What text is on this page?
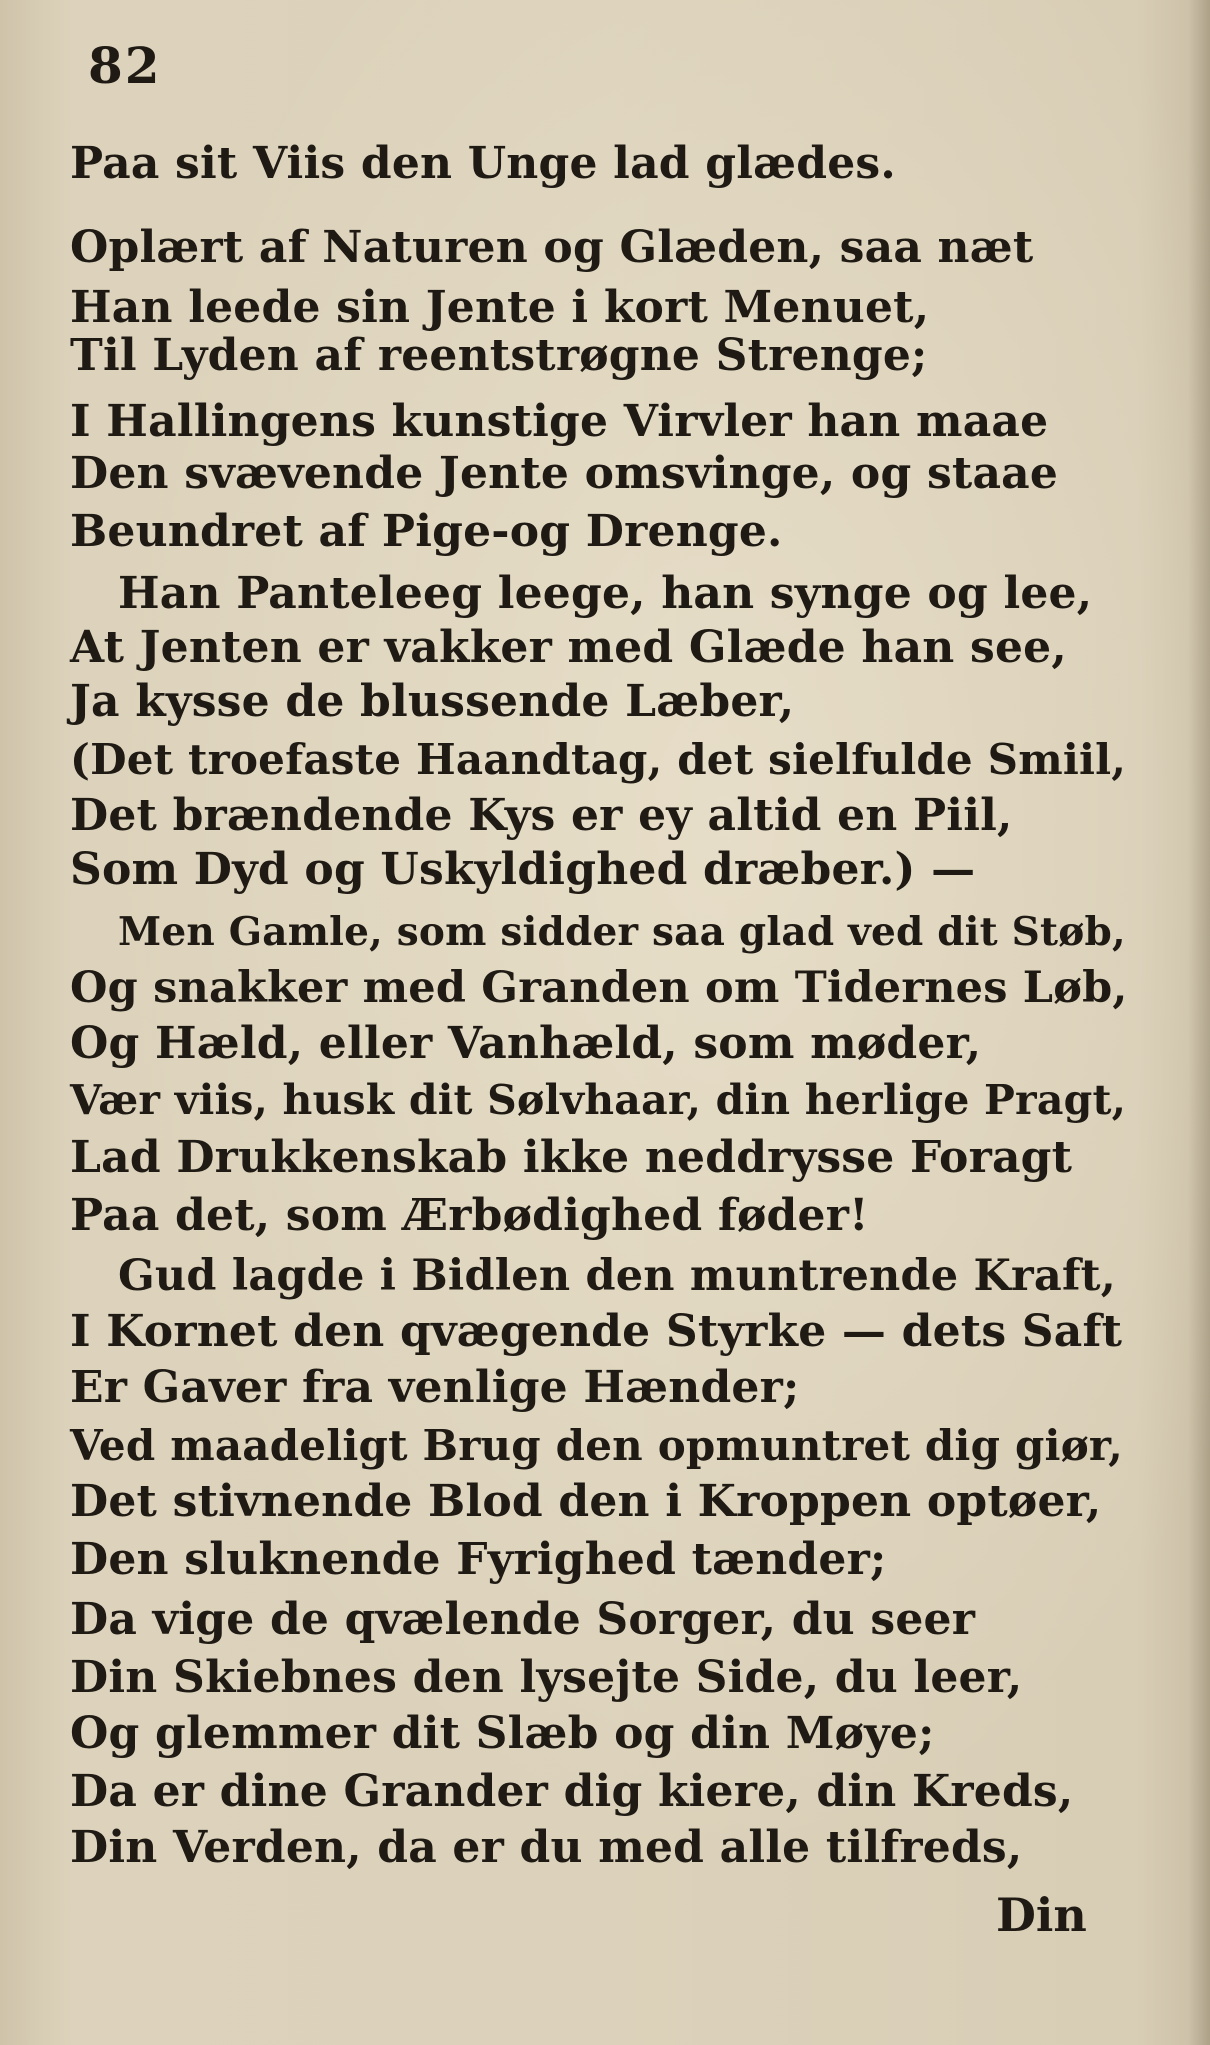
82
Paa sit Viis den Unge lad glædes.
Oplært af Naturen og Glæden, saa næt
Han leede sin Jente i kort Menuet,
Til Lyden af reentstrøgne Strenge;
I Hallingens kunstige Virvler han maae
Den svævende Jente omsvinge, og staae
Beundret af Pige-og Drenge.
Han Panteleeg leege, han synge og lee,
At Jenten er vakker med Glæde han see,
Ja kysse de blussende Læber,
(Det troefaste Haandtag, det sielfulde Smiil,
Det brændende Kys er ey altid en Piil,
Som Dyd og Uskyldighed dræber.) —
Men Gamle, som sidder saa glad ved dit Støb,
Og snakker med Granden om Tidernes Løb,
Og Hæld, eller Vanhæld, som møder,
Vær viis, husk dit Sølvhaar, din herlige Pragt,
Lad Drukkenskab ikke neddrysse Foragt
Paa det, som Ærbødighed føder!
Gud lagde i Bidlen den muntrende Kraft,
I Kornet den qvægende Styrke — dets Saft
Er Gaver fra venlige Hænder;
Ved maadeligt Brug den opmuntret dig giør,
Det stivnende Blod den i Kroppen optøer,
Den sluknende Fyrighed tænder;
Da vige de qvælende Sorger, du seer
Din Skiebnes den lysejte Side, du leer,
Og glemmer dit Slæb og din Møye;
Da er dine Grander dig kiere, din Kreds,
Din Verden, da er du med alle tilfreds,
Din
